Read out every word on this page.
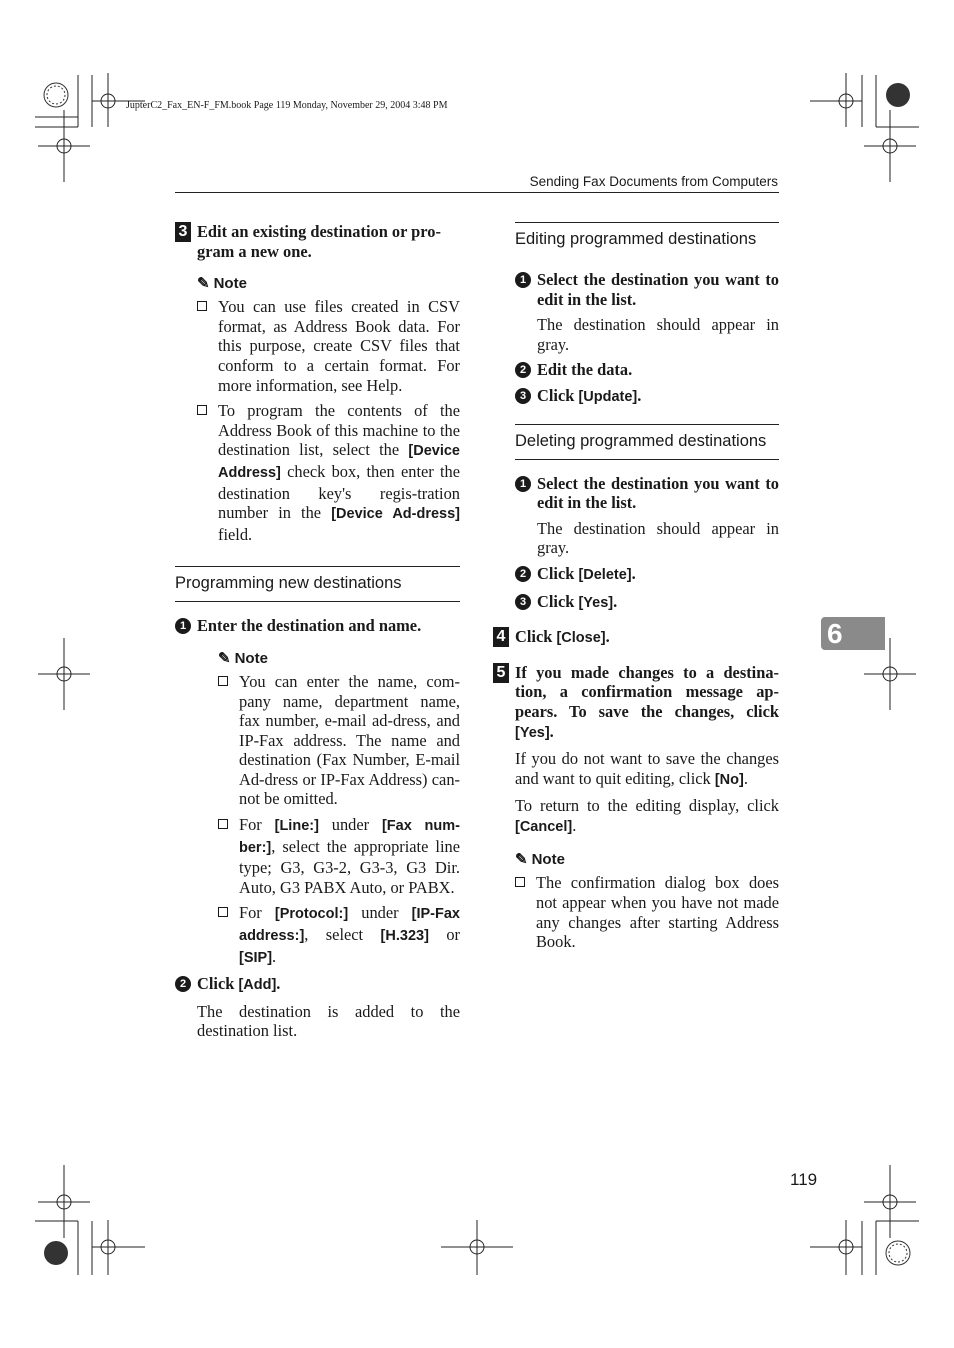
JupterC2_Fax_EN-F_FM.book Page 119 Monday, November 29, 2004 3:48 PM
Sending Fax Documents from Computers
3 Edit an existing destination or pro-gram a new one.
✎ Note
You can use files created in CSV format, as Address Book data. For this purpose, create CSV files that conform to a certain format. For more information, see Help.
To program the contents of the Address Book of this machine to the destination list, select the [Device Address] check box, then enter the destination key's regis-tration number in the [Device Ad-dress] field.
Programming new destinations
1 Enter the destination and name.
✎ Note
You can enter the name, com-pany name, department name, fax number, e-mail ad-dress, and IP-Fax address. The name and destination (Fax Number, E-mail Ad-dress or IP-Fax Address) can-not be omitted.
For [Line:] under [Fax num-ber:], select the appropriate line type; G3, G3-2, G3-3, G3 Dir. Auto, G3 PABX Auto, or PABX.
For [Protocol:] under [IP-Fax address:], select [H.323] or [SIP].
2 Click [Add].

The destination is added to the destination list.

Editing programmed destinations
1 Select the destination you want to edit in the list.

The destination should appear in gray.

2 Edit the data.
3 Click [Update].
Deleting programmed destinations
1 Select the destination you want to edit in the list.

The destination should appear in gray.

2 Click [Delete].
3 Click [Yes].
4 Click [Close].
5 If you made changes to a destina-tion, a confirmation message ap-pears. To save the changes, click [Yes].

If you do not want to save the changes and want to quit editing, click [No].

To return to the editing display, click [Cancel].

✎ Note
The confirmation dialog box does not appear when you have not made any changes after starting Address Book.
6
119
